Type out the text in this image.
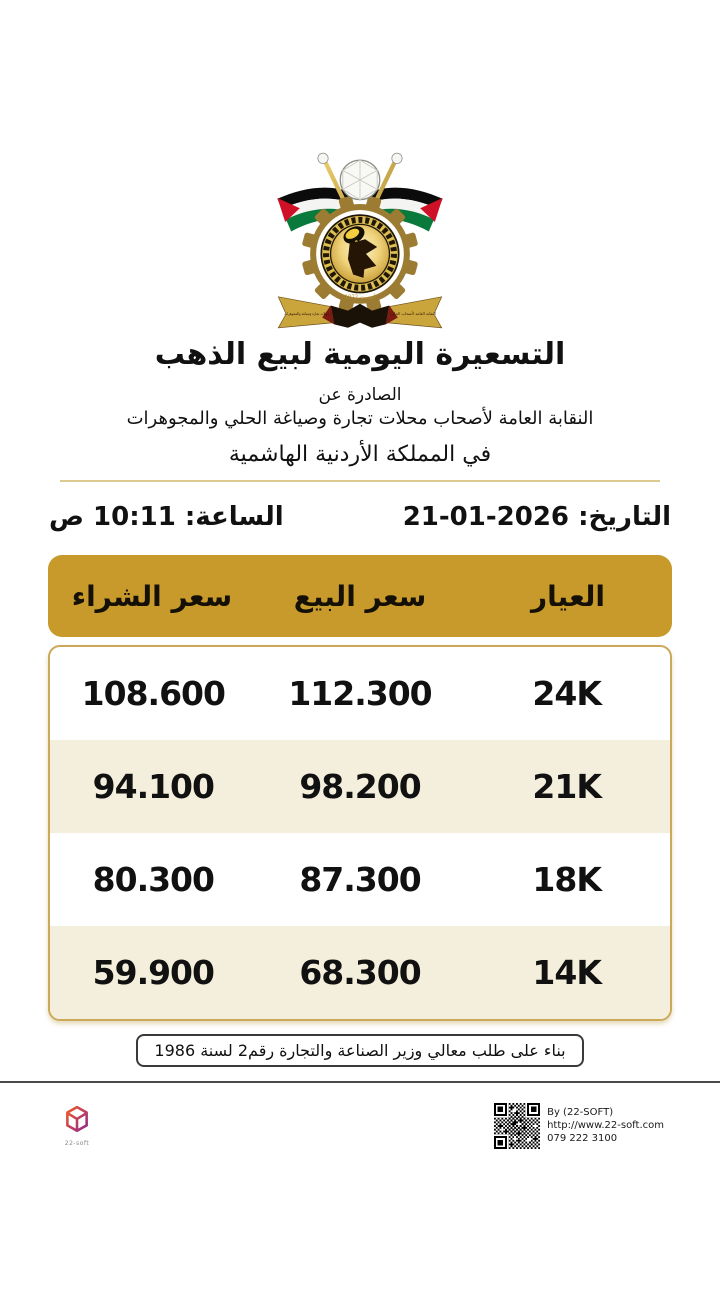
أسست 1972
محلات تجارة وصياغة والمجوهرات	النقابة العامة لأصحاب الحلي
التسعيرة اليومية لبيع الذهب
الصادرة عن
النقابة العامة لأصحاب محلات تجارة وصياغة الحلي والمجوهرات
في المملكة الأردنية الهاشمية
التاريخ: 21-01-2026
الساعة: 10:11 ص
العيار
سعر البيع
سعر الشراء
24K
112.300
108.600
21K
98.200
94.100
18K
87.300
80.300
14K
68.300
59.900
بناء على طلب معالي وزير الصناعة والتجارة رقم2 لسنة 1986
22-soft
By (22-SOFT)
http://www.22-soft.com
079 222 3100
